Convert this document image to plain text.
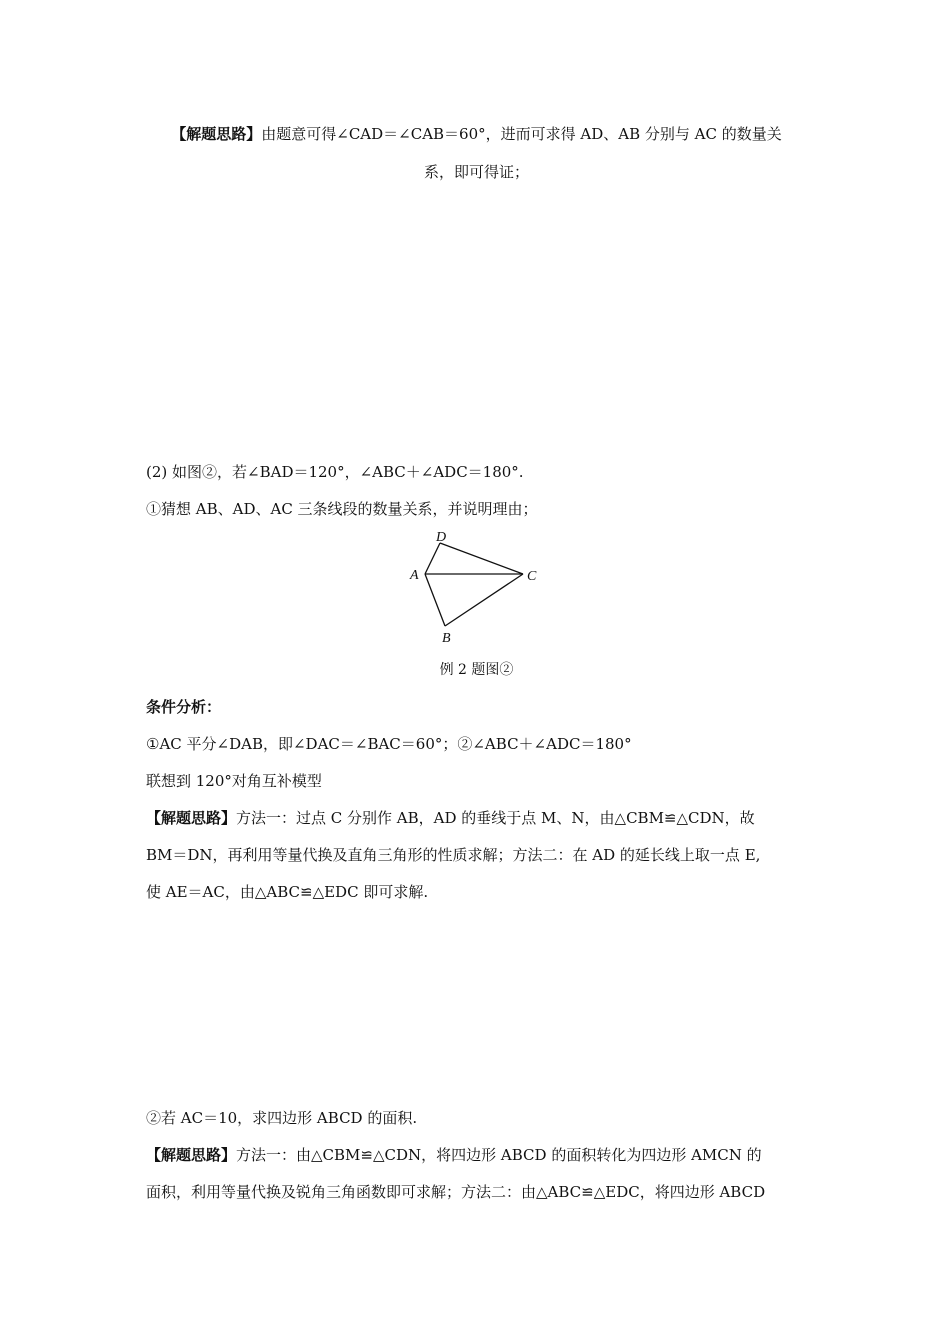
【解题思路】由题意可得∠CAD＝∠CAB＝60°，进而可求得 AD、AB 分别与 AC 的数量关
系，即可得证；
(2) 如图②，若∠BAD＝120°，∠ABC＋∠ADC＝180°.
①猜想 AB、AD、AC 三条线段的数量关系，并说明理由；
D
A	C
B
例 2 题图②
条件分析：
①AC 平分∠DAB，即∠DAC＝∠BAC＝60°；②∠ABC＋∠ADC＝180°
联想到 120°对角互补模型
【解题思路】方法一：过点 C 分别作 AB，AD 的垂线于点 M、N，由△CBM≌△CDN，故
BM＝DN，再利用等量代换及直角三角形的性质求解；方法二：在 AD 的延长线上取一点 E,
使 AE＝AC，由△ABC≌△EDC 即可求解.
②若 AC＝10，求四边形 ABCD 的面积.
【解题思路】方法一：由△CBM≌△CDN，将四边形 ABCD 的面积转化为四边形 AMCN 的
面积，利用等量代换及锐角三角函数即可求解；方法二：由△ABC≌△EDC，将四边形 ABCD
